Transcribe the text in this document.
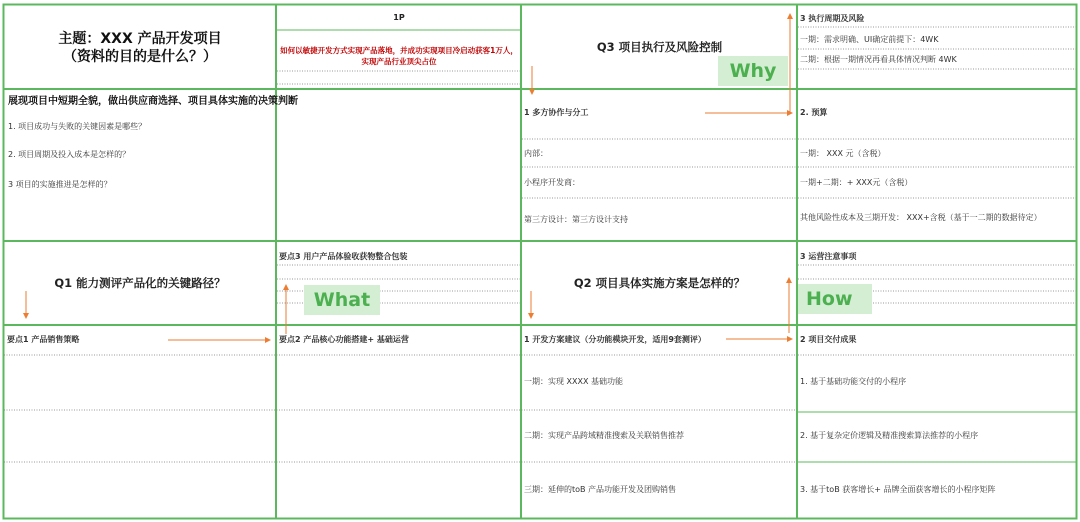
主题：XXX 产品开发项目
（资料的目的是什么？）
1P
如何以敏捷开发方式实现产品落地，并成功实现项目冷启动获客1万人，实现产品行业顶尖占位
Q3 项目执行及风险控制
Why
3 执行周期及风险
一期：需求明确、UI确定前提下：4WK
二期：根据一期情况再看具体情况判断 4WK
展现项目中短期全貌，做出供应商选择、项目具体实施的决策判断
1. 项目成功与失败的关键因素是哪些？
2. 项目周期及投入成本是怎样的？
3 项目的实施推进是怎样的？
1 多方协作与分工
内部：
小程序开发商：
第三方设计：第三方设计支持
2. 预算
一期： XXX 元（含税）
一期+二期：+ XXX元（含税）
其他风险性成本及三期开发： XXX+含税（基于一二期的数据待定）
Q1 能力测评产品化的关键路径？
要点3 用户产品体验收获物整合包装
What
Q2 项目具体实施方案是怎样的？
3 运营注意事项
How
要点1 产品销售策略	要点2 产品核心功能搭建+ 基础运营	1 开发方案建议（分功能模块开发，适用9套测评）
一期：实现 XXXX 基础功能
二期：实现产品跨域精准搜索及关联销售推荐
三期：延伸的toB 产品功能开发及团购销售
2 项目交付成果
1. 基于基础功能交付的小程序
2. 基于复杂定价逻辑及精准搜索算法推荐的小程序
3. 基于toB 获客增长+ 品牌全面获客增长的小程序矩阵
